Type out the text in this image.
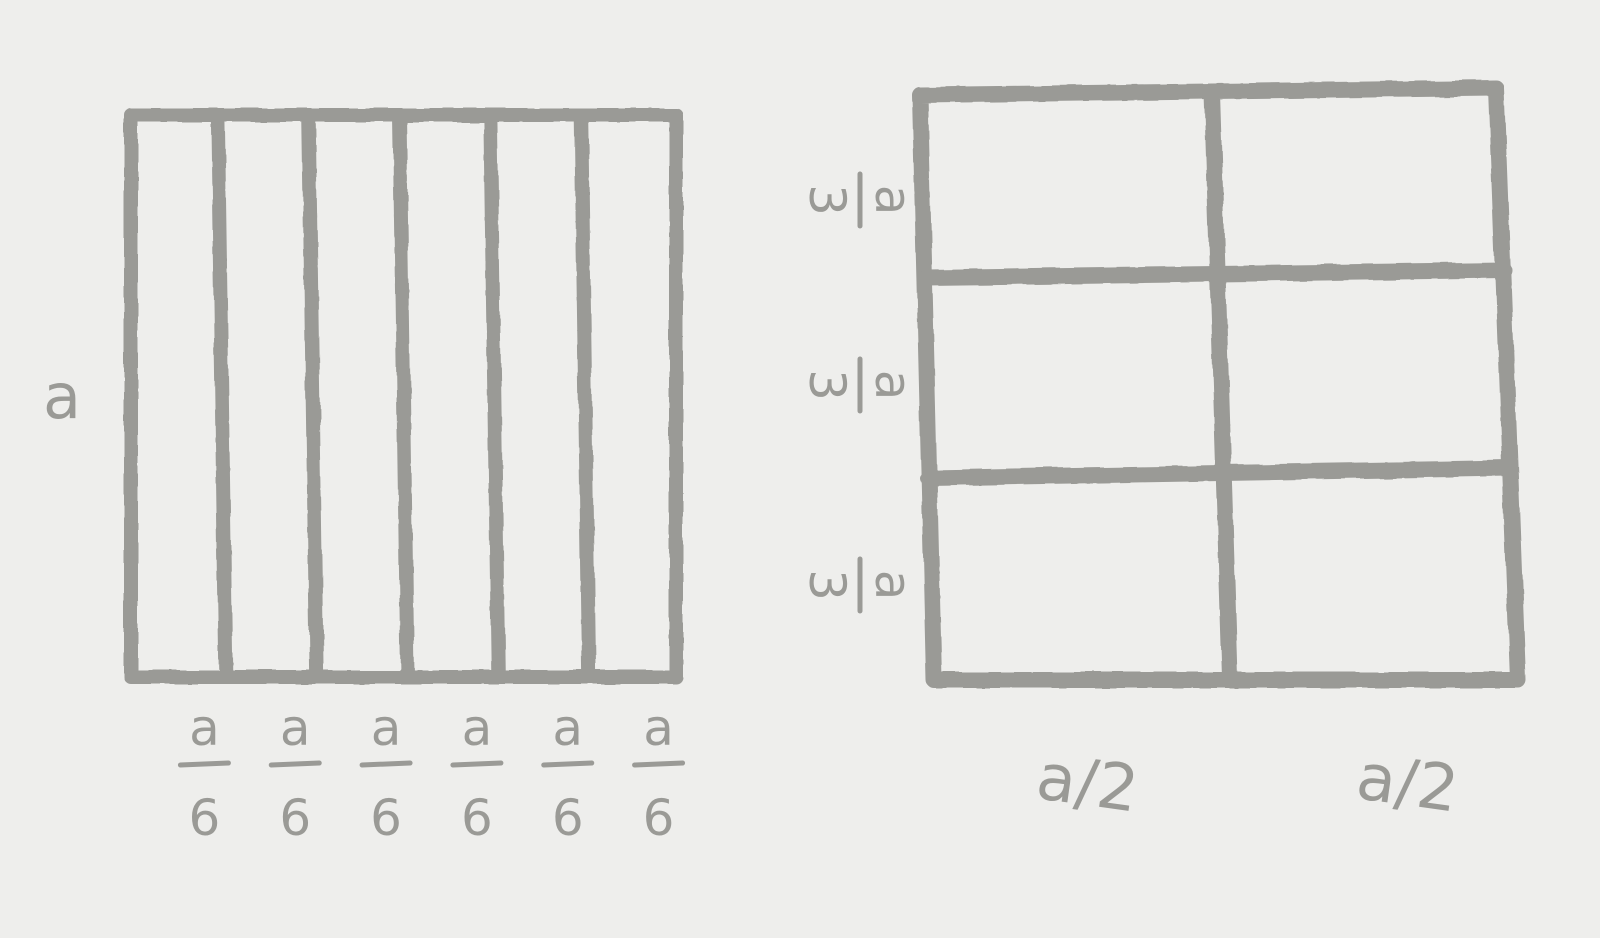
a
a
6
a
6
a
6
a
6
a
6
a
6
a
3
a
3
a
3
a/2	a/2
